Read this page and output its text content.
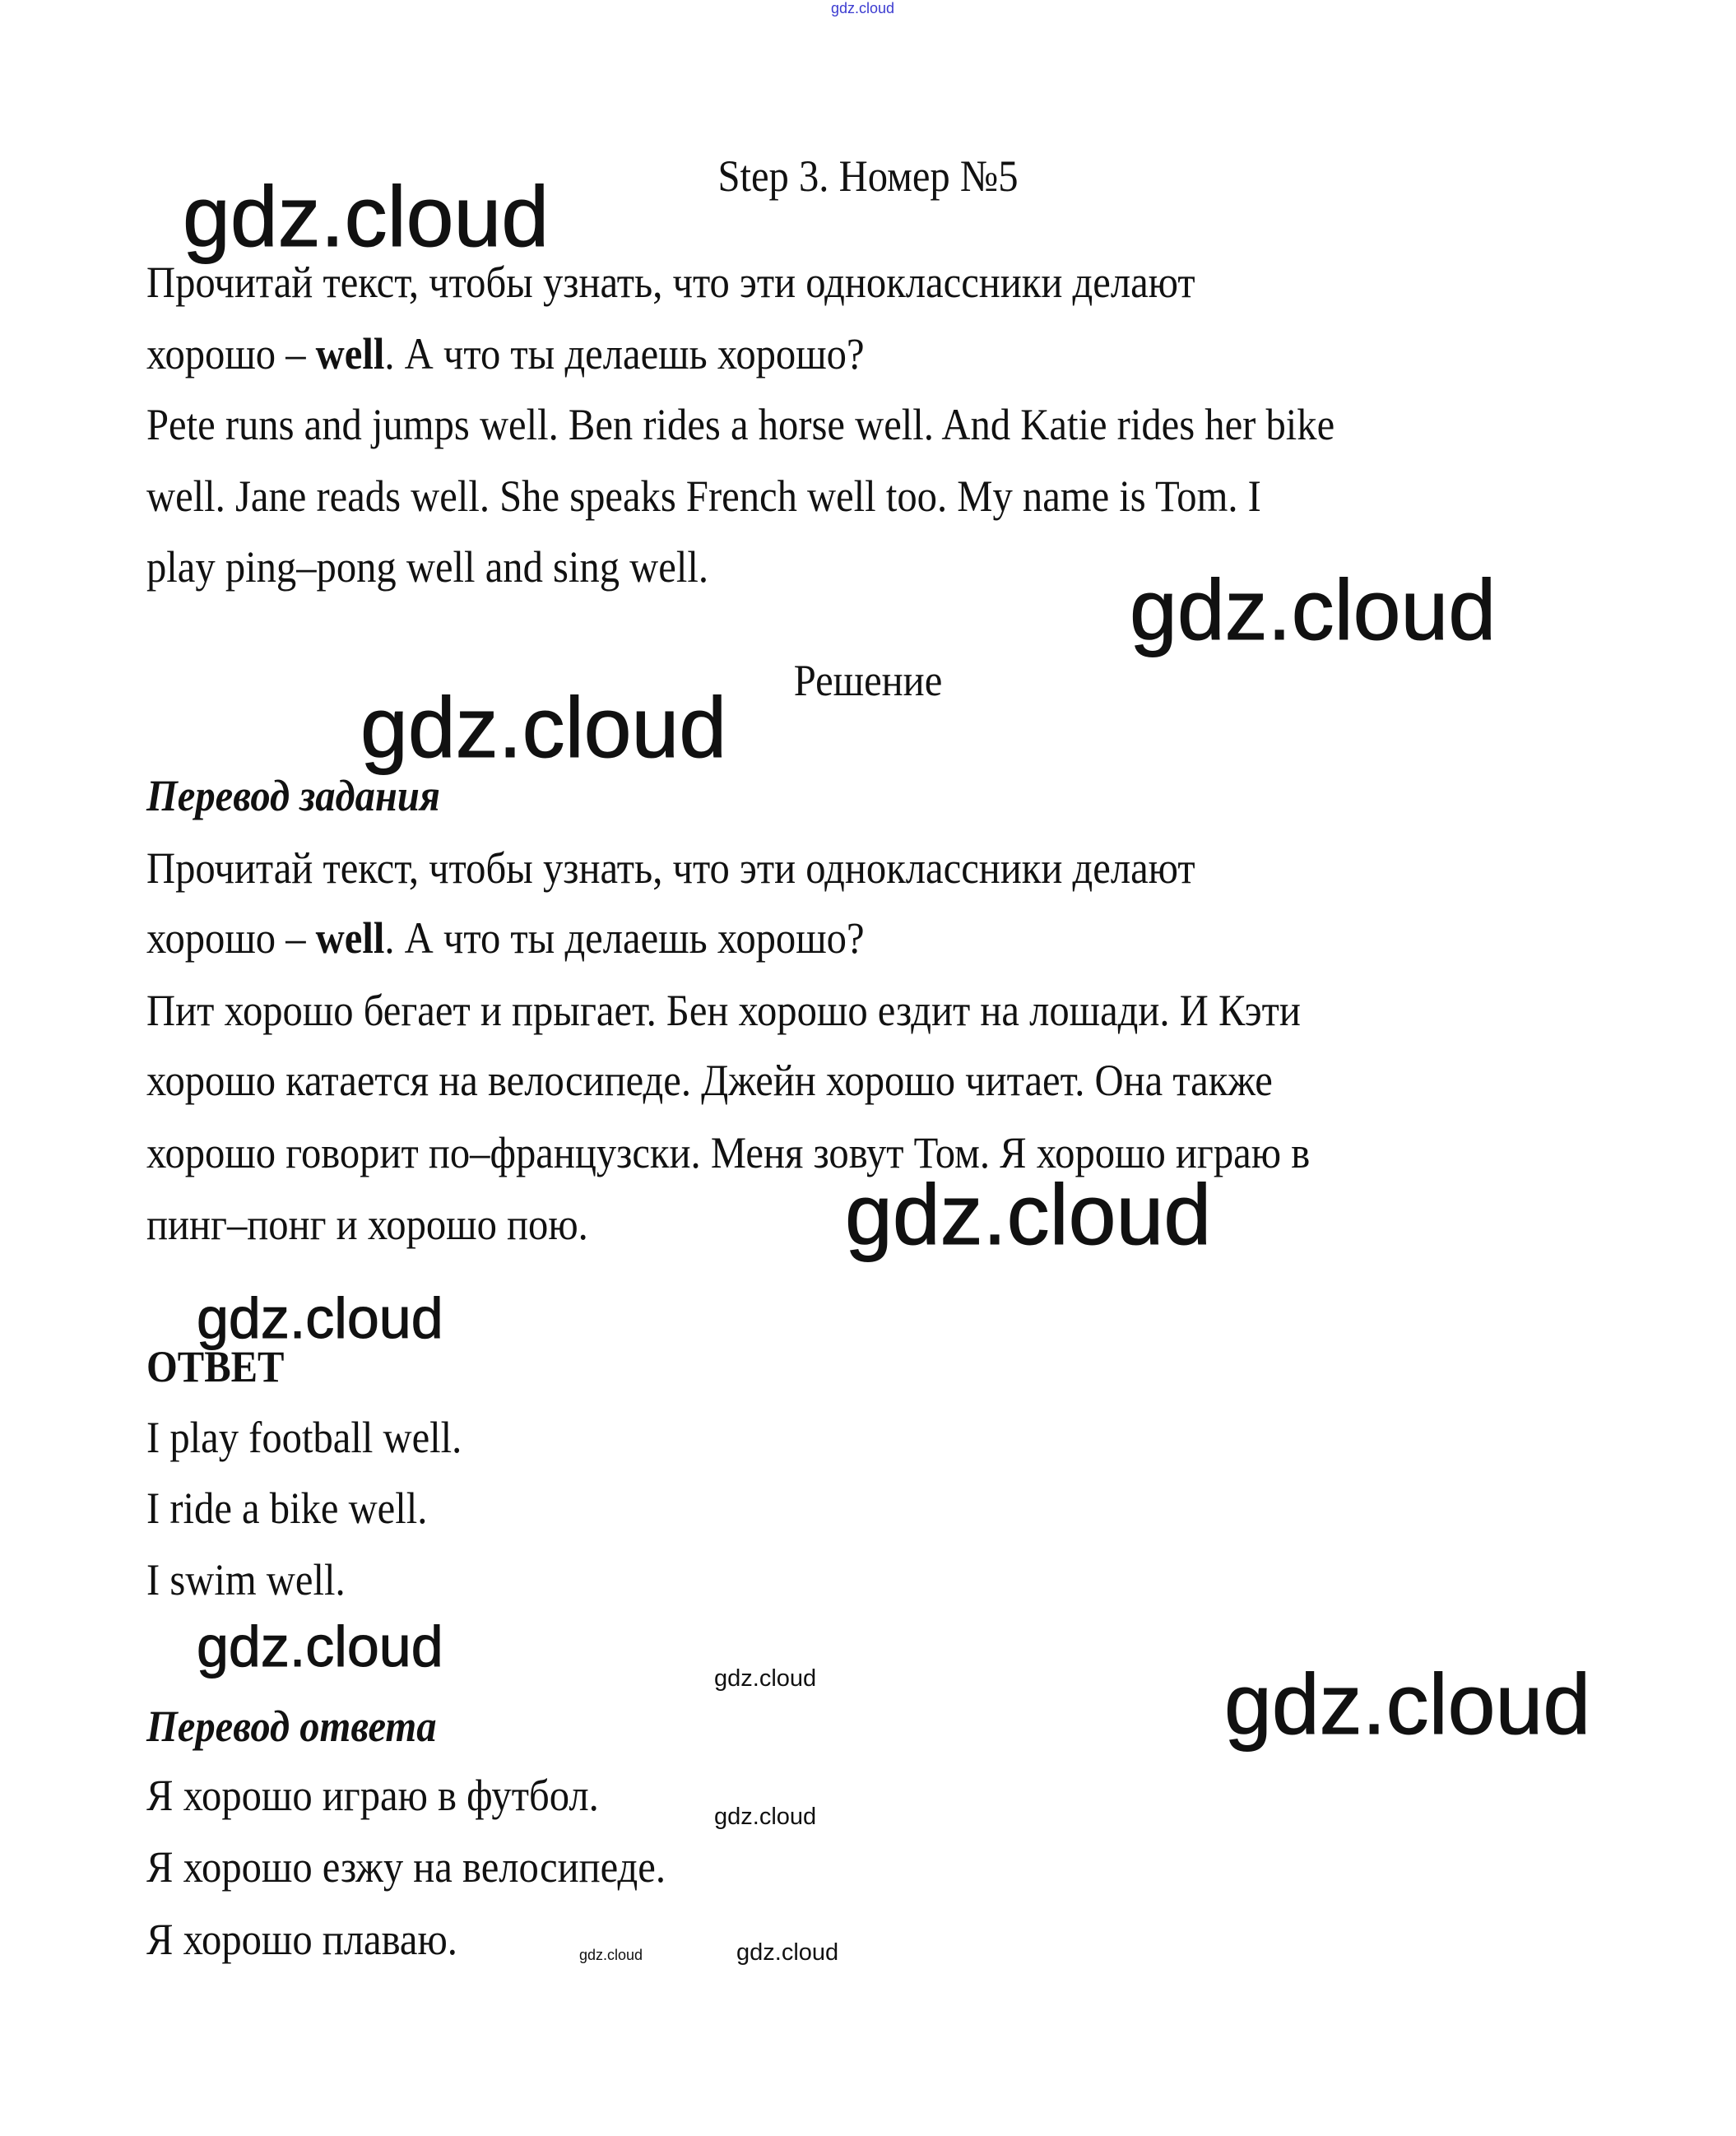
gdz.cloud
gdz.cloud
gdz.cloud
gdz.cloud
gdz.cloud
gdz.cloud
gdz.cloud
gdz.cloud
gdz.cloud
gdz.cloud
gdz.cloud	gdz.cloud
Step 3. Номер №5
Прочитай текст, чтобы узнать, что эти одноклассники делают
хорошо – well. А что ты делаешь хорошо?
Pete runs and jumps well. Ben rides a horse well. And Katie rides her bike
well. Jane reads well. She speaks French well too. My name is Tom. I
play ping–pong well and sing well.
Решение
Перевод задания
Прочитай текст, чтобы узнать, что эти одноклассники делают
хорошо – well. А что ты делаешь хорошо?
Пит хорошо бегает и прыгает. Бен хорошо ездит на лошади. И Кэти
хорошо катается на велосипеде. Джейн хорошо читает. Она также
хорошо говорит по–французски. Меня зовут Том. Я хорошо играю в
пинг–понг и хорошо пою.
ОТВЕТ
I play football well.
I ride a bike well.
I swim well.
Перевод ответа
Я хорошо играю в футбол.
Я хорошо езжу на велосипеде.
Я хорошо плаваю.
